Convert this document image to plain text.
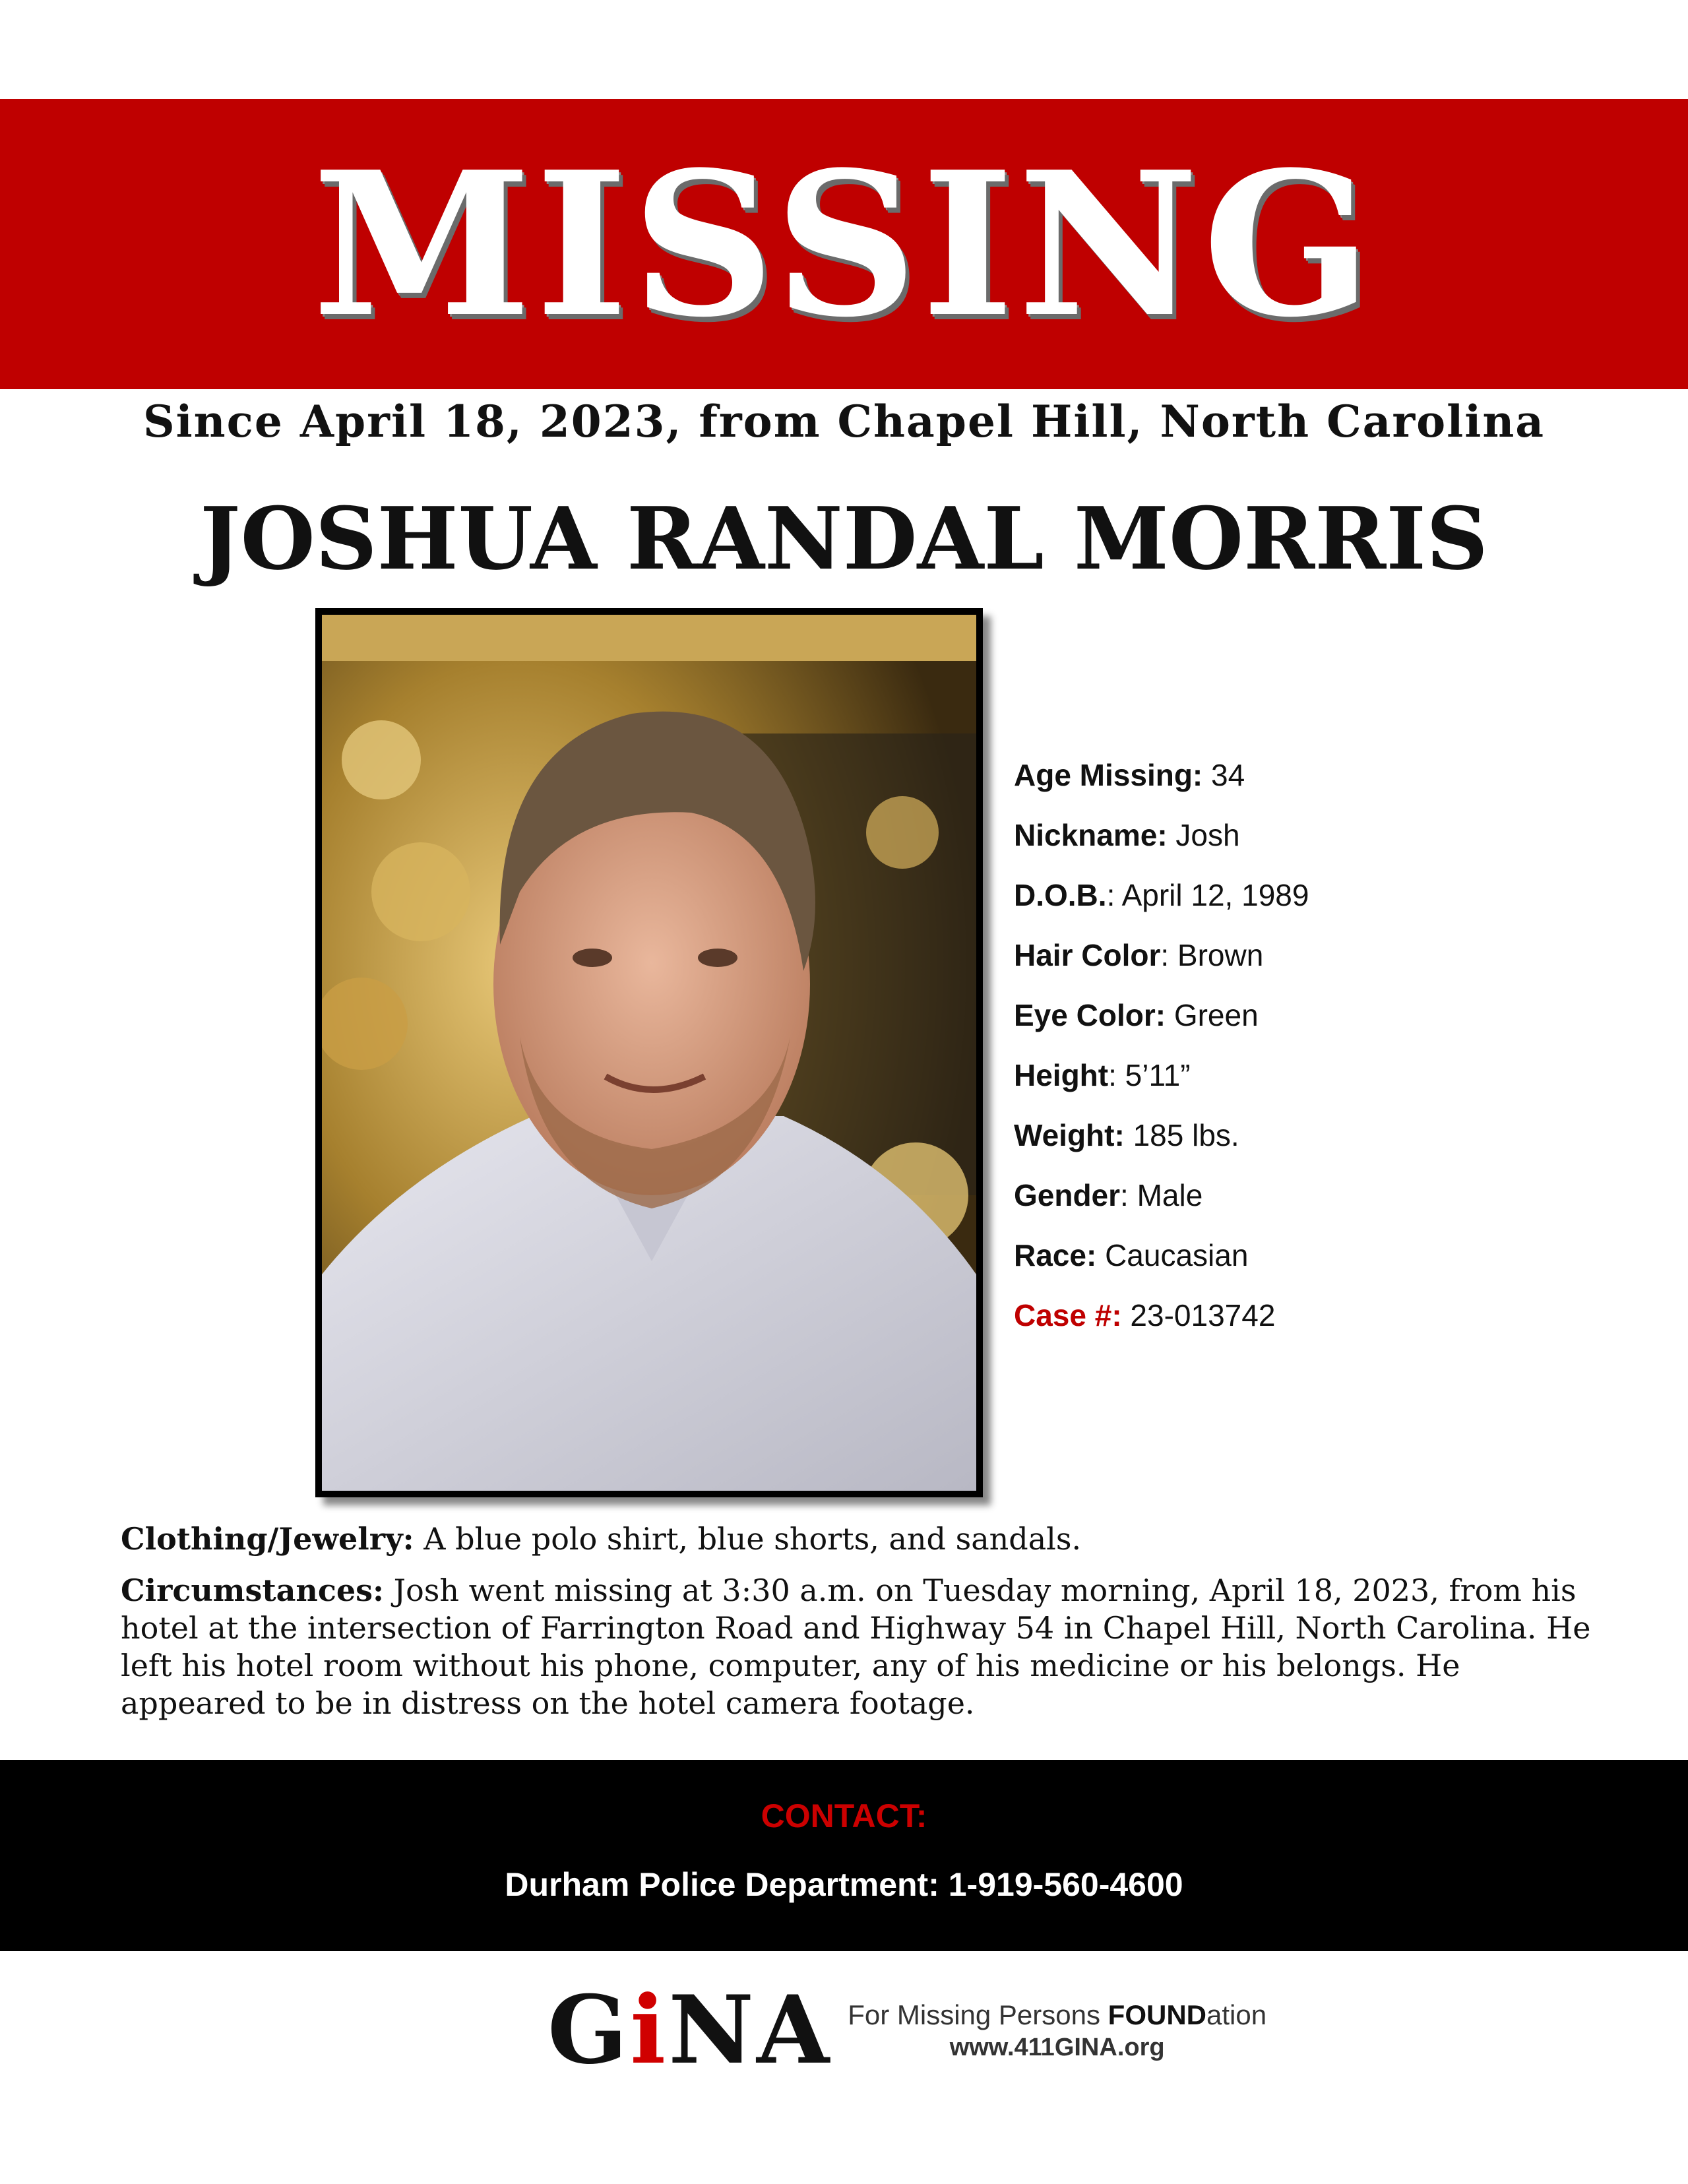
MISSING
Since April 18, 2023, from Chapel Hill, North Carolina
JOSHUA RANDAL MORRIS
Age Missing: 34
Nickname: Josh
D.O.B.: April 12, 1989
Hair Color: Brown
Eye Color: Green
Height: 5’11”
Weight: 185 lbs.
Gender: Male
Race: Caucasian
Case #: 23-013742
Clothing/Jewelry: A blue polo shirt, blue shorts, and sandals.
Circumstances: Josh went missing at 3:30 a.m. on Tuesday morning, April 18, 2023, from his hotel at the intersection of Farrington Road and Highway 54 in Chapel Hill, North Carolina. He left his hotel room without his phone, computer, any of his medicine or his belongs. He appeared to be in distress on the hotel camera footage.
CONTACT:
Durham Police Department: 1-919-560-4600
GiNA For Missing Persons FOUNDation
www.411GINA.org
